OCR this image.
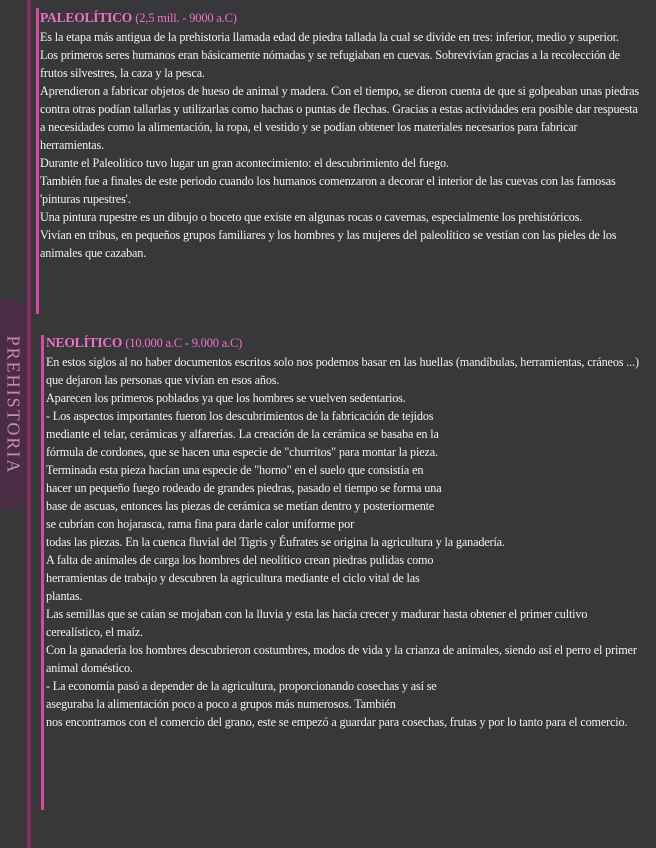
PREHISTORIA
PALEOLÍTICO (2,5 mill. - 9000 a.C)

Es la etapa más antigua de la prehistoria llamada edad de piedra tallada la cual se divide en tres: inferior, medio y superior.

Los primeros seres humanos eran básicamente nómadas y se refugiaban en cuevas. Sobrevivían gracias a la recolección de frutos silvestres, la caza y la pesca.

Aprendieron a fabricar objetos de hueso de animal y madera. Con el tiempo, se dieron cuenta de que si golpeaban unas piedras contra otras podían tallarlas y utilizarlas como hachas o puntas de flechas. Gracias a estas actividades era posible dar respuesta a necesidades como la alimentación, la ropa, el vestido y se podían obtener los materiales necesarios para fabricar herramientas.

Durante el Paleolítico tuvo lugar un gran acontecimiento: el descubrimiento del fuego.

También fue a finales de este periodo cuando los humanos comenzaron a decorar el interior de las cuevas con las famosas 'pinturas rupestres'.

Una pintura rupestre es un dibujo o boceto que existe en algunas rocas o cavernas, especialmente los prehistóricos.

Vivían en tribus, en pequeños grupos familiares y los hombres y las mujeres del paleolítico se vestían con las pieles de los animales que cazaban.

NEOLÍTICO (10.000 a.C - 9.000 a.C)

En estos siglos al no haber documentos escritos solo nos podemos basar en las huellas (mandíbulas, herramientas, cráneos ...) que dejaron las personas que vivían en esos años.

Aparecen los primeros poblados ya que los hombres se vuelven sedentarios.

- Los aspectos importantes fueron los descubrimientos de la fabricación de tejidos mediante el telar, cerámicas y alfarerías. La creación de la cerámica se basaba en la fórmula de cordones, que se hacen una especie de "churritos" para montar la pieza. Terminada esta pieza hacían una especie de "horno" en el suelo que consistía en hacer un pequeño fuego rodeado de grandes piedras, pasado el tiempo se forma una base de ascuas, entonces las piezas de cerámica se metían dentro y posteriormente se cubrían con hojarasca, rama fina para darle calor uniforme por

todas las piezas. En la cuenca fluvial del Tigris y Éufrates se origina la agricultura y la ganadería.

A falta de animales de carga los hombres del neolítico crean piedras pulidas como herramientas de trabajo y descubren la agricultura mediante el ciclo vital de las plantas.

Las semillas que se caían se mojaban con la lluvia y esta las hacía crecer y madurar hasta obtener el primer cultivo cerealístico, el maíz.

Con la ganadería los hombres descubrieron costumbres, modos de vida y la crianza de animales, siendo así el perro el primer animal doméstico.

- La economía pasó a depender de la agricultura, proporcionando cosechas y así se aseguraba la alimentación poco a poco a grupos más numerosos. También

nos encontramos con el comercio del grano, este se empezó a guardar para cosechas, frutas y por lo tanto para el comercio.
